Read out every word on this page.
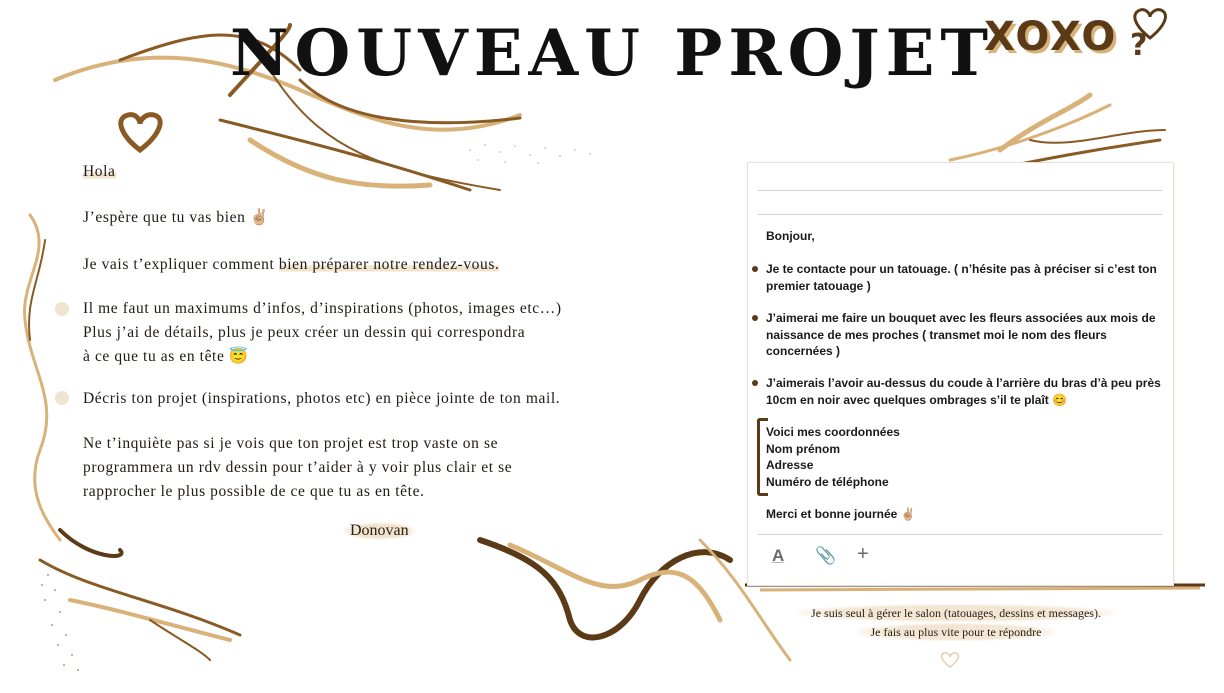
NOUVEAU PROJET
XOXO ?
Hola
J’espère que tu vas bien ✌🏼
Je vais t’expliquer comment bien préparer notre rendez-vous.
Il me faut un maximums d’infos, d’inspirations (photos, images etc…)
Plus j’ai de détails, plus je peux créer un dessin qui correspondra
à ce que tu as en tête 😇
Décris ton projet (inspirations, photos etc) en pièce jointe de ton mail.
Ne t’inquiète pas si je vois que ton projet est trop vaste on se
programmera un rdv dessin pour t’aider à y voir plus clair et se
rapprocher le plus possible de ce que tu as en tête.
Donovan
Bonjour,
Je te contacte pour un tatouage. ( n’hésite pas à préciser si c’est ton
premier tatouage )
J’aimerai me faire un bouquet avec les fleurs associées aux mois de
naissance de mes proches ( transmet moi le nom des fleurs
concernées )
J’aimerais l’avoir au-dessus du coude à l’arrière du bras d’à peu près
10cm en noir avec quelques ombrages s’il te plaît 😊
Voici mes coordonnées
Nom prénom
Adresse
Numéro de téléphone
Merci et bonne journée ✌🏼
A 📎 +
Je suis seul à gérer le salon (tatouages, dessins et messages).
Je fais au plus vite pour te répondre
